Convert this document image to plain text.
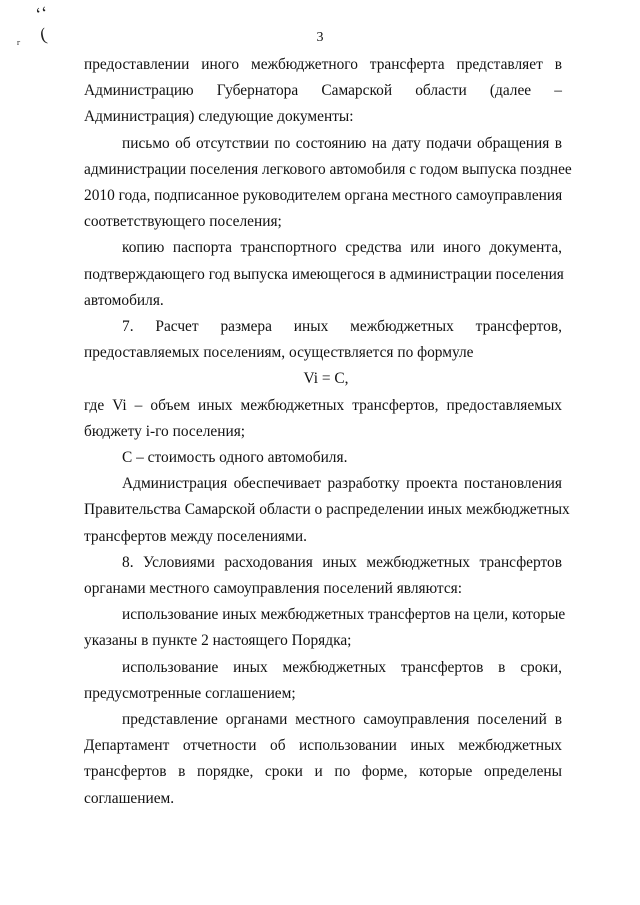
ʻʻ
(
г	3

предоставлении иного межбюджетного трансферта представляет в
Администрацию Губернатора Самарской области (далее –
Администрация) следующие документы:

письмо об отсутствии по состоянию на дату подачи обращения в
администрации поселения легкового автомобиля с годом выпуска позднее
2010 года, подписанное руководителем органа местного самоуправления
соответствующего поселения;

копию паспорта транспортного средства или иного документа,
подтверждающего год выпуска имеющегося в администрации поселения
автомобиля.

7. Расчет размера иных межбюджетных трансфертов,
предоставляемых поселениям, осуществляется по формуле

Vi = C,

где Vi – объем иных межбюджетных трансфертов, предоставляемых
бюджету i-го поселения;

С – стоимость одного автомобиля.

Администрация обеспечивает разработку проекта постановления
Правительства Самарской области о распределении иных межбюджетных
трансфертов между поселениями.

8. Условиями расходования иных межбюджетных трансфертов
органами местного самоуправления поселений являются:

использование иных межбюджетных трансфертов на цели, которые
указаны в пункте 2 настоящего Порядка;

использование иных межбюджетных трансфертов в сроки,
предусмотренные соглашением;

представление органами местного самоуправления поселений в
Департамент отчетности об использовании иных межбюджетных
трансфертов в порядке, сроки и по форме, которые определены
соглашением.
